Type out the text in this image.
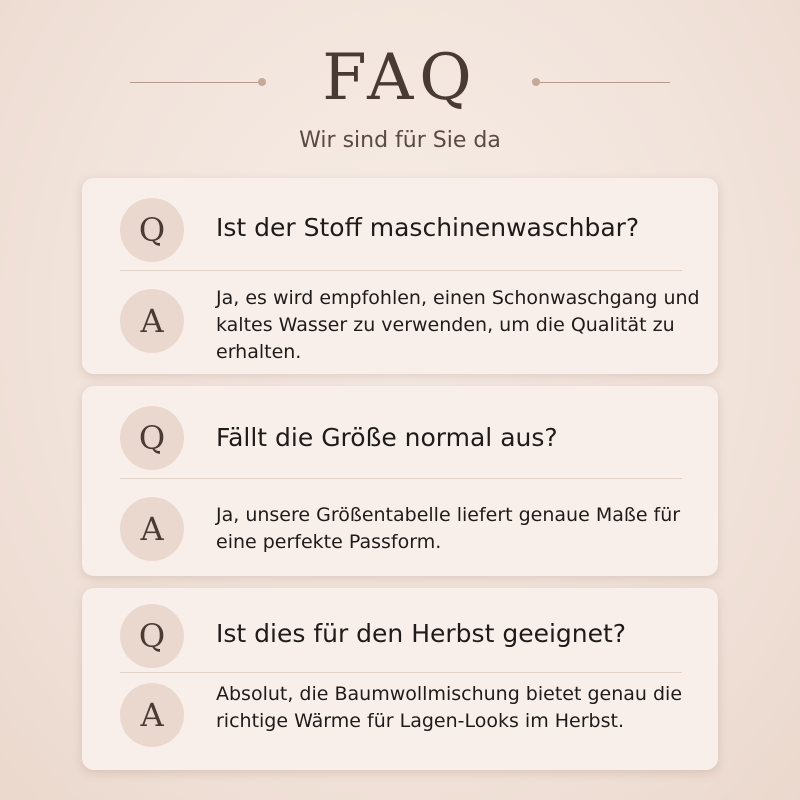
FAQ
Wir sind für Sie da
Q	Ist der Stoff maschinenwaschbar?
A
Ja, es wird empfohlen, einen Schonwaschgang und kaltes Wasser zu verwenden, um die Qualität zu erhalten.
Q	Fällt die Größe normal aus?
A	Ja, unsere Größentabelle liefert genaue Maße für eine perfekte Passform.
Q	Ist dies für den Herbst geeignet?
A
Absolut, die Baumwollmischung bietet genau die richtige Wärme für Lagen-Looks im Herbst.
